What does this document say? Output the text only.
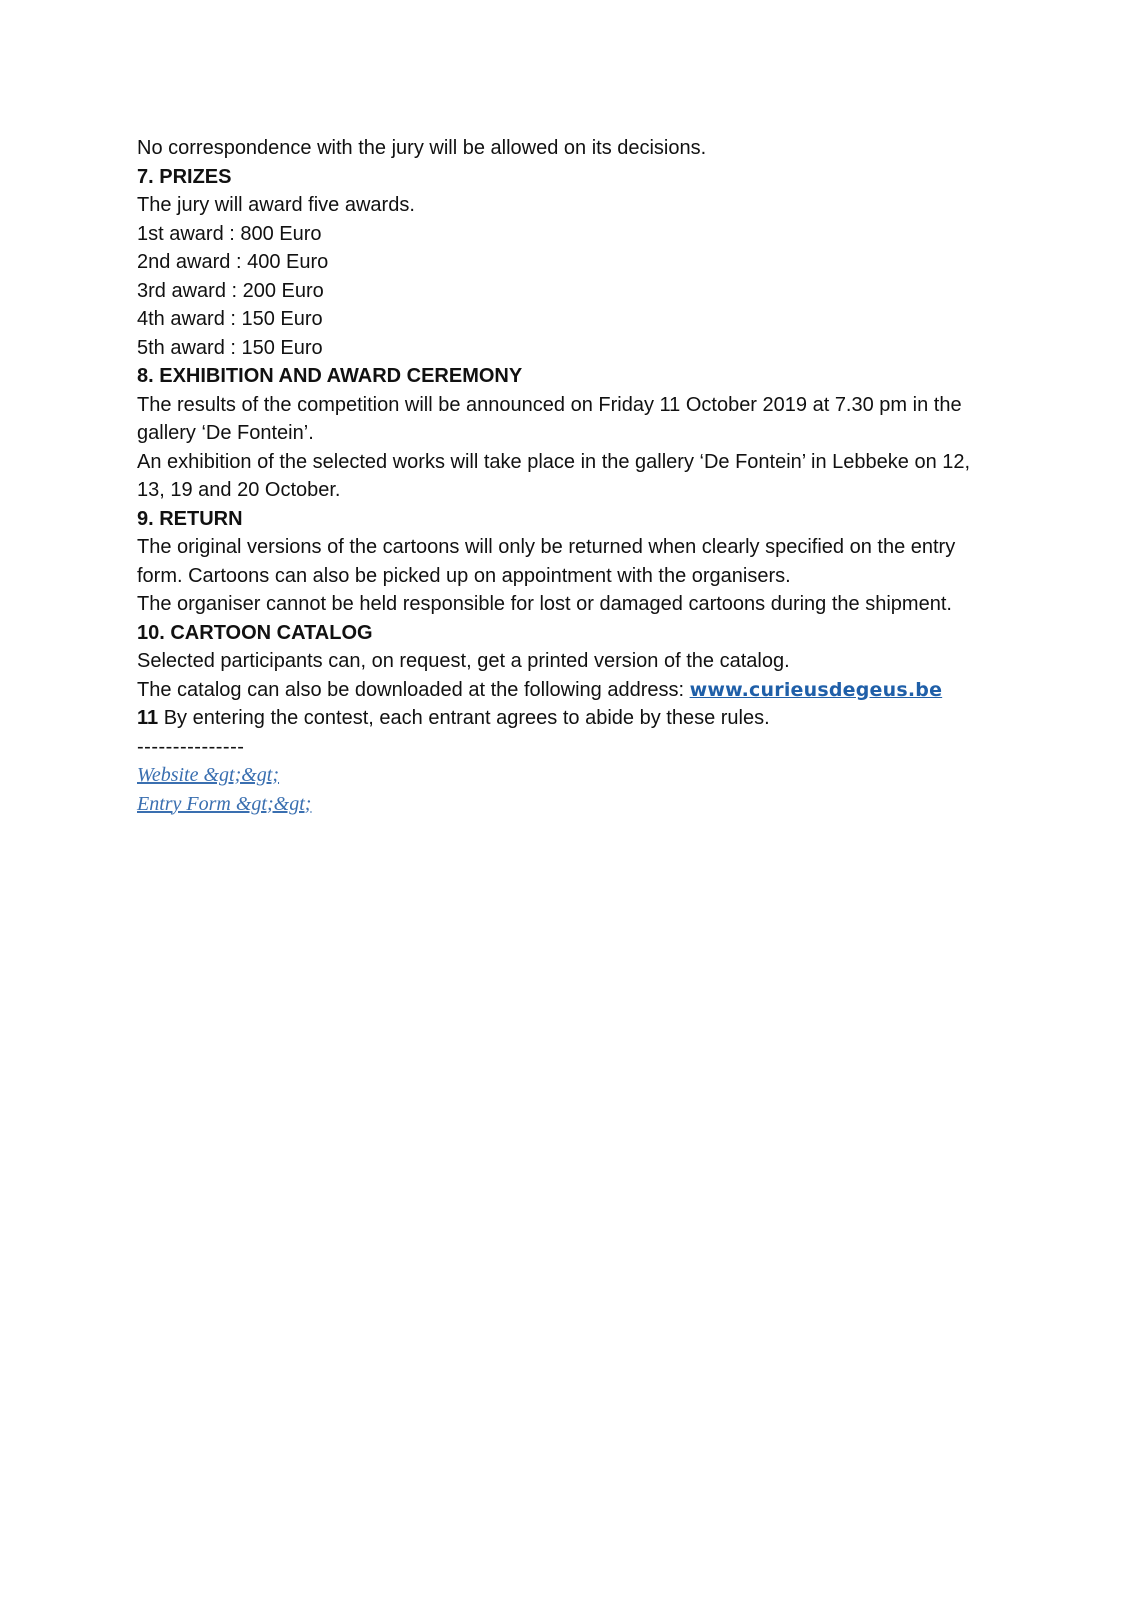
No correspondence with the jury will be allowed on its decisions.

7. PRIZES

The jury will award five awards.

1st award : 800 Euro

2nd award : 400 Euro

3rd award : 200 Euro

4th award : 150 Euro

5th award : 150 Euro

8. EXHIBITION AND AWARD CEREMONY

The results of the competition will be announced on Friday 11 October 2019 at 7.30 pm in the gallery ‘De Fontein’.

An exhibition of the selected works will take place in the gallery ‘De Fontein’ in Lebbeke on 12, 13, 19 and 20 October.

9. RETURN

The original versions of the cartoons will only be returned when clearly specified on the entry form. Cartoons can also be picked up on appointment with the organisers.

The organiser cannot be held responsible for lost or damaged cartoons during the shipment.

10. CARTOON CATALOG

Selected participants can, on request, get a printed version of the catalog.

The catalog can also be downloaded at the following address: www.curieusdegeus.be

11 By entering the contest, each entrant agrees to abide by these rules.

---------------

Website &gt;&gt;

Entry Form &gt;&gt;
